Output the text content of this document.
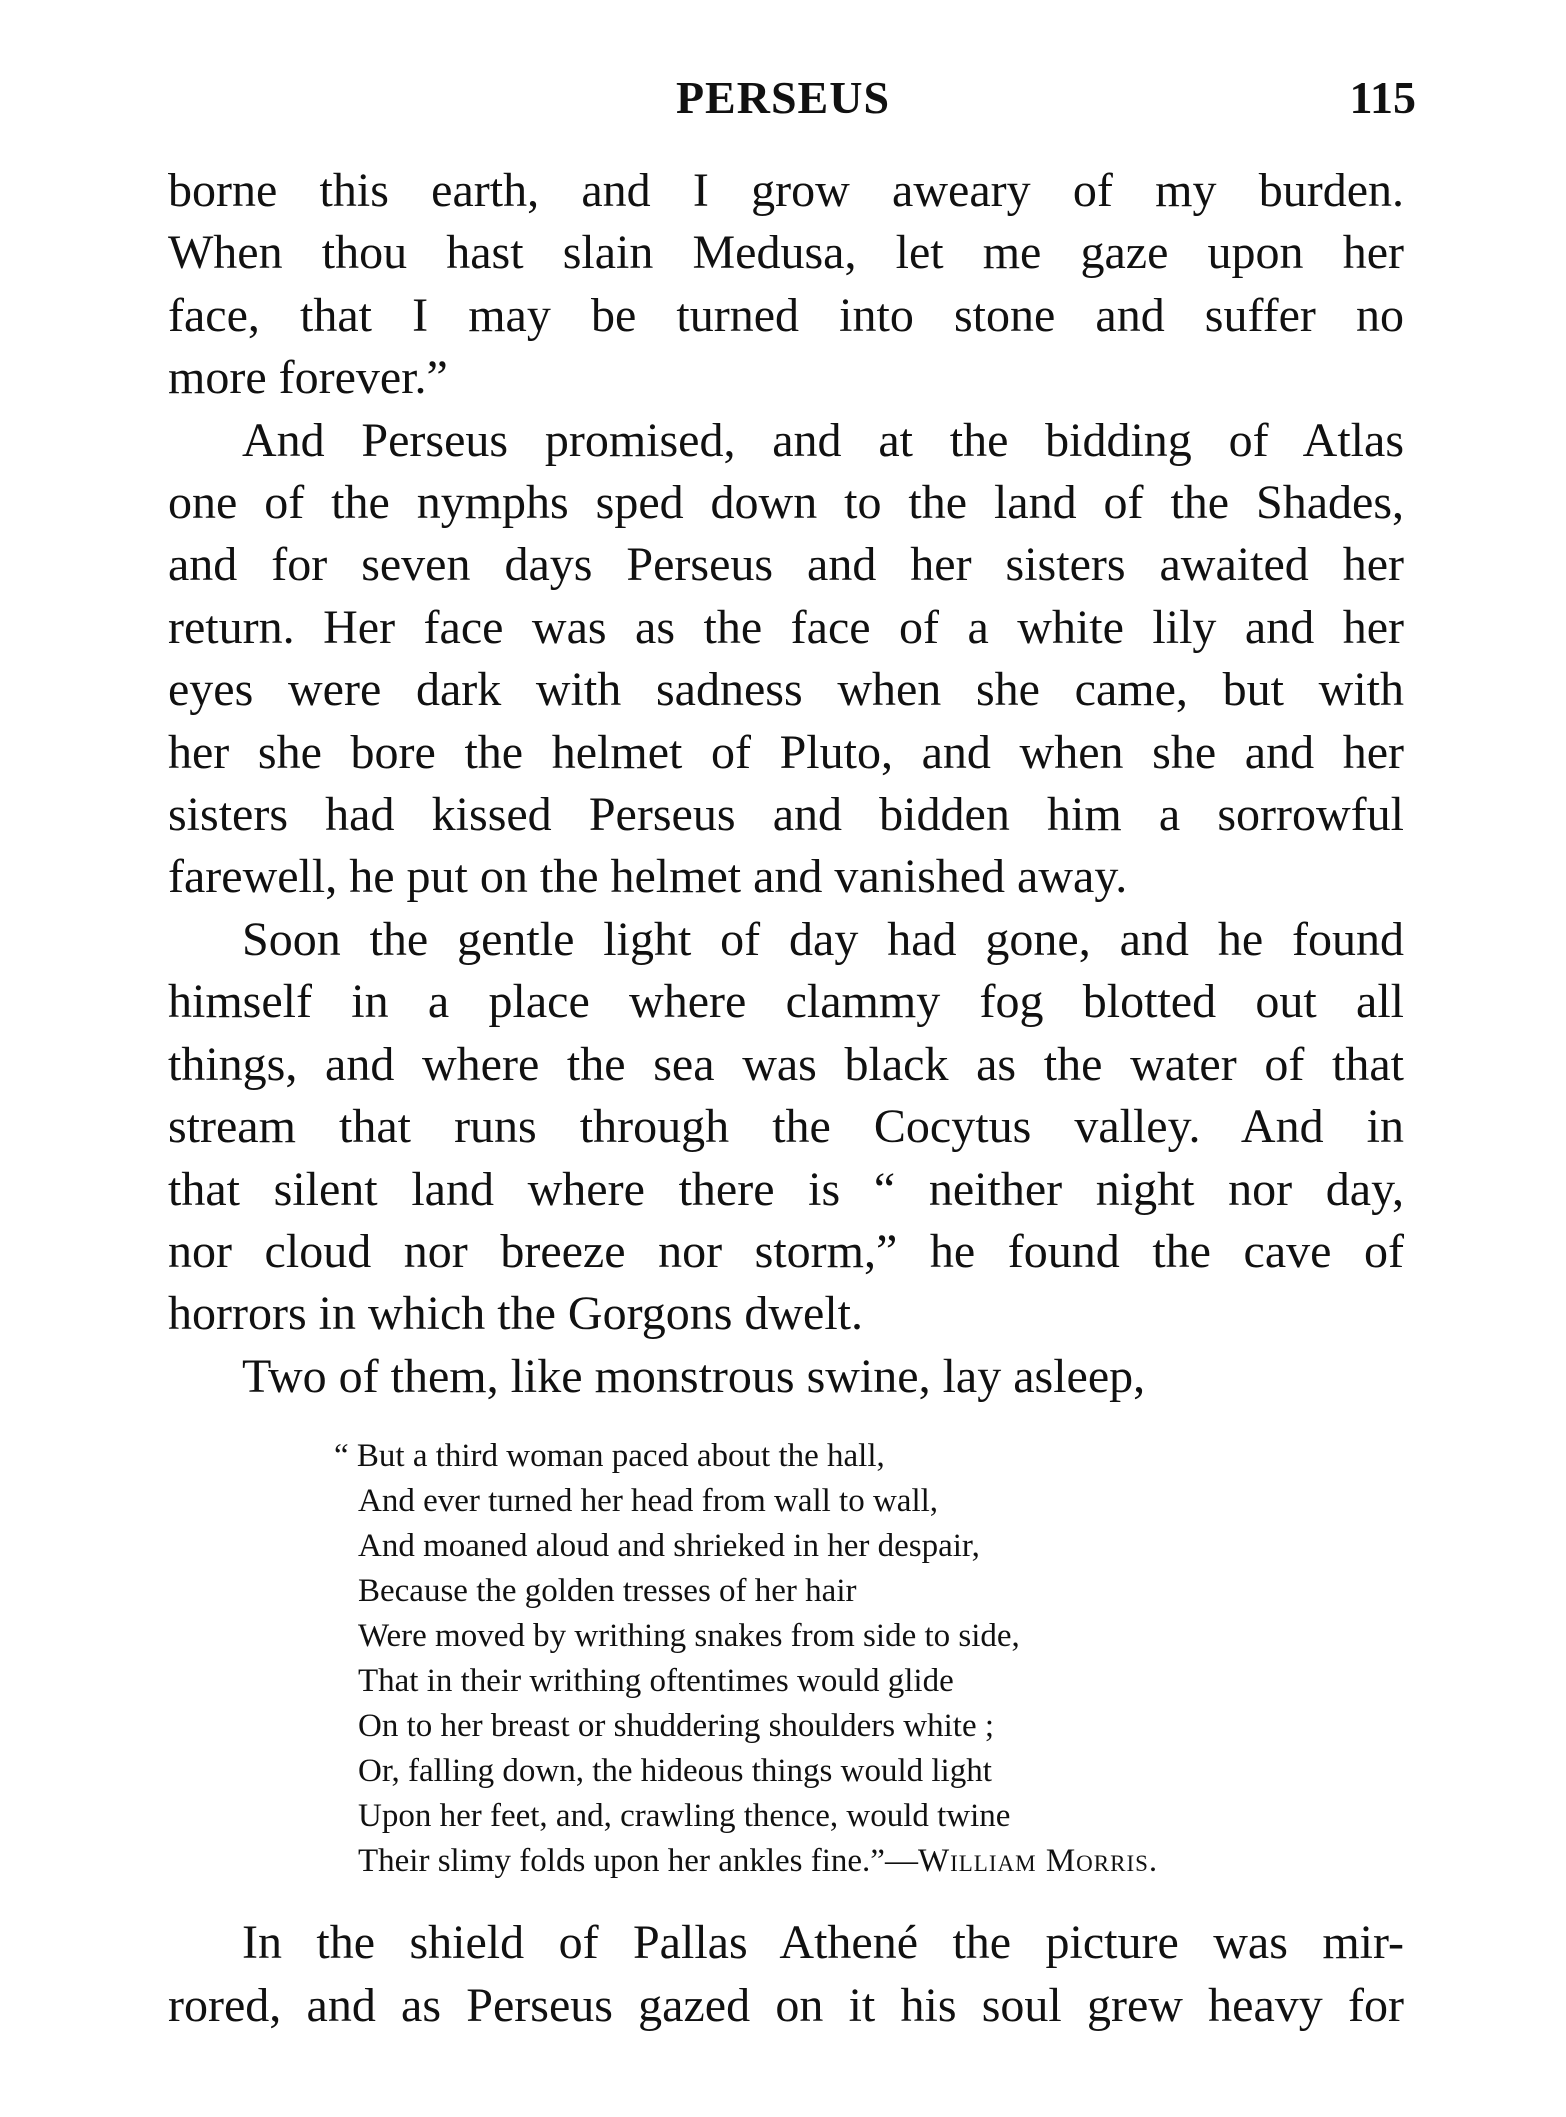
PERSEUS	115

borne this earth, and I grow aweary of my burden.
When thou hast slain Medusa, let me gaze upon her
face, that I may be turned into stone and suffer no
more forever.”

And Perseus promised, and at the bidding of Atlas
one of the nymphs sped down to the land of the Shades,
and for seven days Perseus and her sisters awaited her
return. Her face was as the face of a white lily and her
eyes were dark with sadness when she came, but with
her she bore the helmet of Pluto, and when she and her
sisters had kissed Perseus and bidden him a sorrowful
farewell, he put on the helmet and vanished away.

Soon the gentle light of day had gone, and he found
himself in a place where clammy fog blotted out all
things, and where the sea was black as the water of that
stream that runs through the Cocytus valley. And in
that silent land where there is “ neither night nor day,
nor cloud nor breeze nor storm,” he found the cave of
horrors in which the Gorgons dwelt.

Two of them, like monstrous swine, lay asleep,

“ But a third woman paced about the hall,
And ever turned her head from wall to wall,
And moaned aloud and shrieked in her despair,
Because the golden tresses of her hair
Were moved by writhing snakes from side to side,
That in their writhing oftentimes would glide
On to her breast or shuddering shoulders white ;
Or, falling down, the hideous things would light
Upon her feet, and, crawling thence, would twine
Their slimy folds upon her ankles fine.”—William Morris.

In the shield of Pallas Athené the picture was mir-
rored, and as Perseus gazed on it his soul grew heavy for
